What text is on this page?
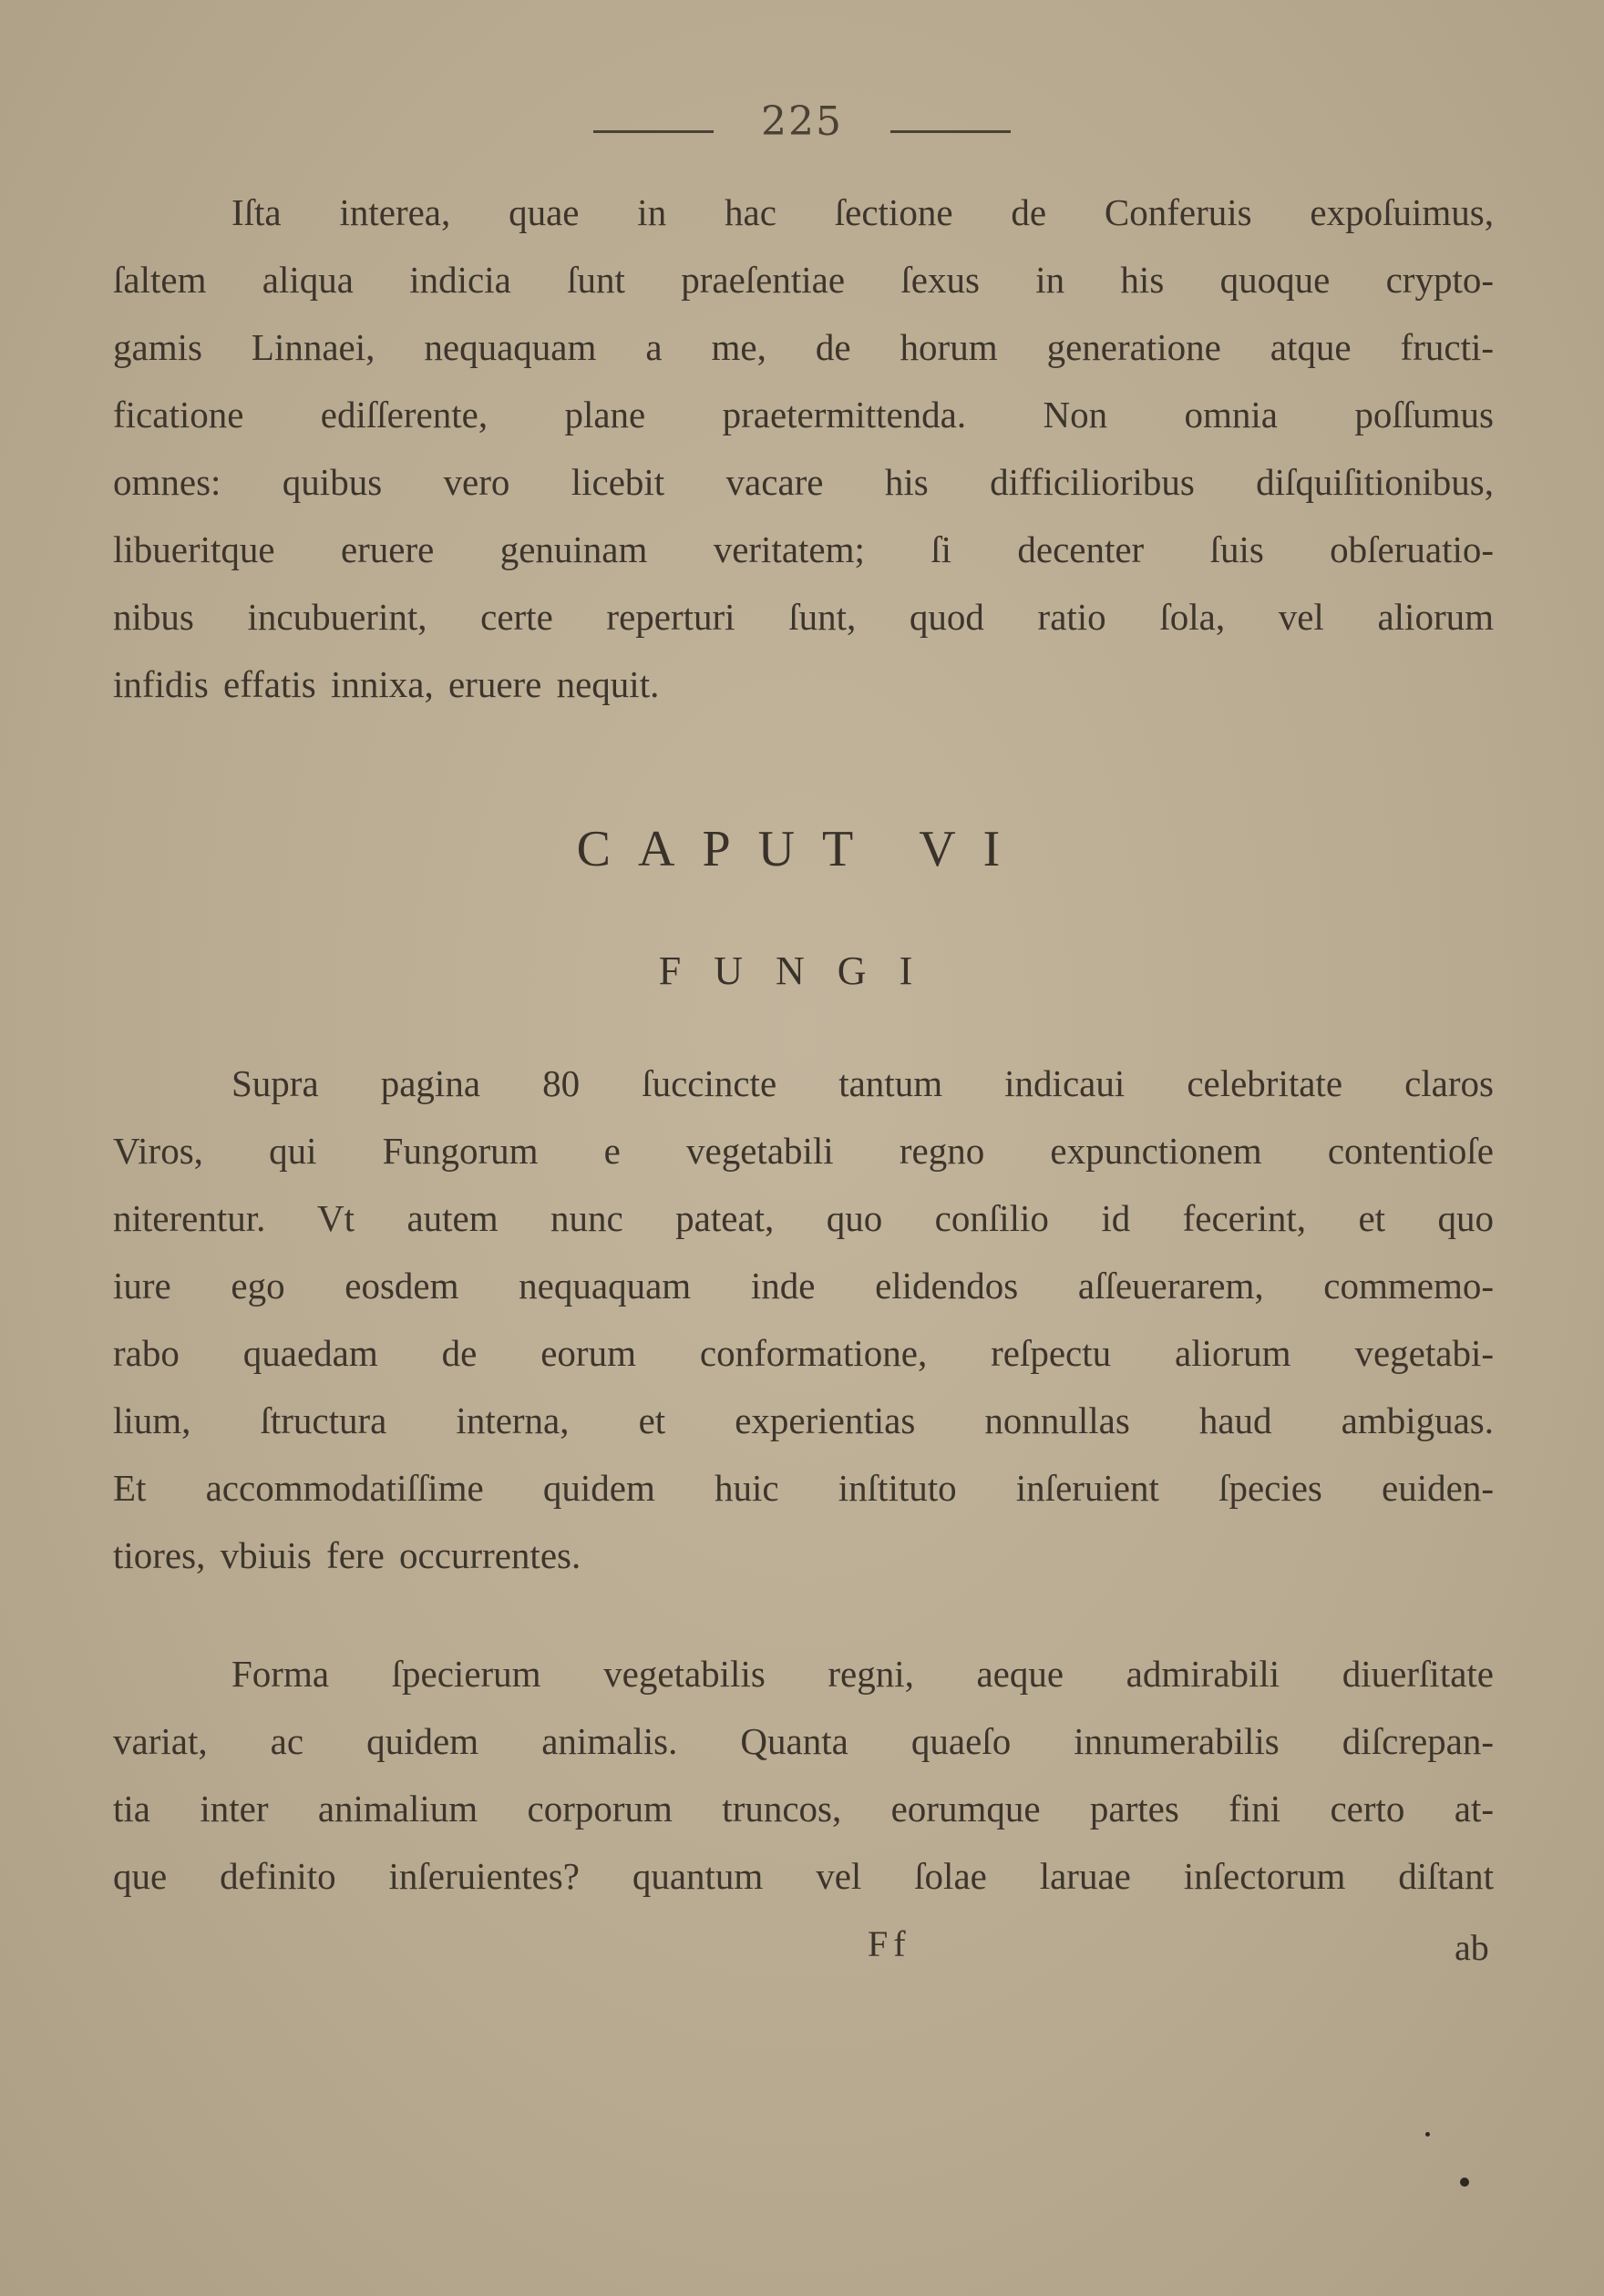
225
Iſta interea, quae in hac ſectione de Conferuis expoſuimus,
ſaltem aliqua indicia ſunt praeſentiae ſexus in his quoque crypto-
gamis Linnaei, nequaquam a me, de horum generatione atque fructi-
ficatione ediſſerente, plane praetermittenda. Non omnia poſſumus
omnes: quibus vero licebit vacare his difficilioribus diſquiſitionibus,
libueritque eruere genuinam veritatem; ſi decenter ſuis obſeruatio-
nibus incubuerint, certe reperturi ſunt, quod ratio ſola, vel aliorum
infidis effatis innixa, eruere nequit.
CAPUT VI
FUNGI
Supra pagina 80 ſuccincte tantum indicaui celebritate claros
Viros, qui Fungorum e vegetabili regno expunctionem contentioſe
niterentur. Vt autem nunc pateat, quo conſilio id fecerint, et quo
iure ego eosdem nequaquam inde elidendos aſſeuerarem, commemo-
rabo quaedam de eorum conformatione, reſpectu aliorum vegetabi-
lium, ſtructura interna, et experientias nonnullas haud ambiguas.
Et accommodatiſſime quidem huic inſtituto inſeruient ſpecies euiden-
tiores, vbiuis fere occurrentes.
Forma ſpecierum vegetabilis regni, aeque admirabili diuerſitate
variat, ac quidem animalis. Quanta quaeſo innumerabilis diſcrepan-
tia inter animalium corporum truncos, eorumque partes fini certo at-
que definito inſeruientes? quantum vel ſolae laruae inſectorum diſtant
Ff	ab
